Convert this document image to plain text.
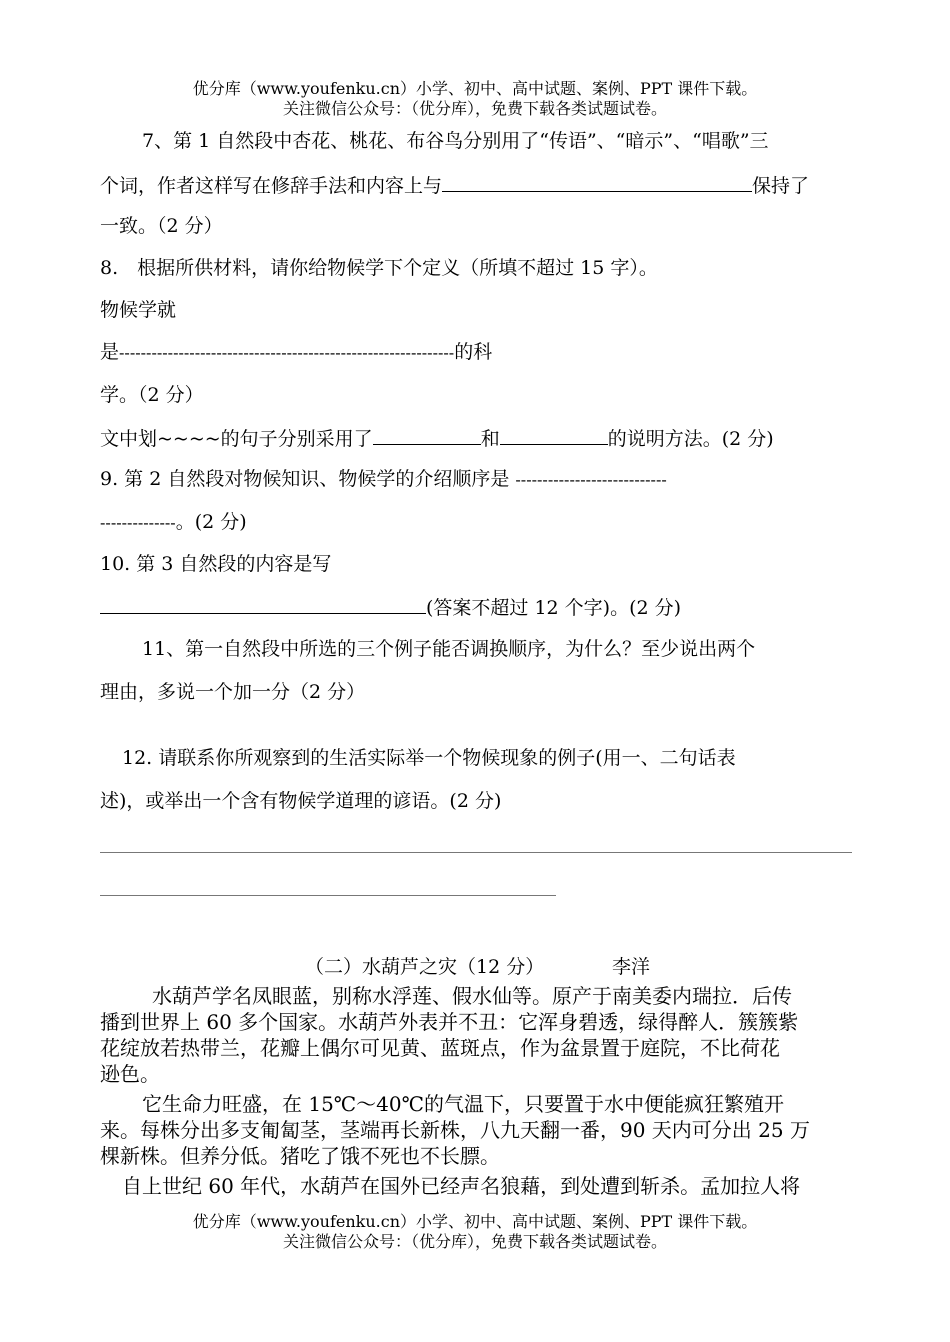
优分库（www.youfenku.cn）小学、初中、高中试题、案例、PPT 课件下载。
关注微信公众号：（优分库），免费下载各类试题试卷。
7、第 1 自然段中杏花、桃花、布谷鸟分别用了“传语”、“暗示”、“唱歌”三
个词，作者这样写在修辞手法和内容上与	保持了
一致。（2 分）
8.　根据所供材料，请你给物候学下个定义（所填不超过 15 字）。
物候学就
是--------------------------------------------------------------的科
学。（2 分）
文中划~~~~的句子分别采用了	和	的说明方法。(2 分)
9. 第 2 自然段对物候知识、物候学的介绍顺序是 ----------------------------
--------------。(2 分)
10. 第 3 自然段的内容是写
(答案不超过 12 个字)。(2 分)
11、第一自然段中所选的三个例子能否调换顺序，为什么？至少说出两个
理由，多说一个加一分（2 分）
12. 请联系你所观察到的生活实际举一个物候现象的例子(用一、二句话表
述)，或举出一个含有物候学道理的谚语。(2 分)
（二）水葫芦之灾（12 分）	李洋
水葫芦学名凤眼蓝，别称水浮莲、假水仙等。原产于南美委内瑞拉．后传
播到世界上 60 多个国家。水葫芦外表并不丑：它浑身碧透，绿得醉人．簇簇紫
花绽放若热带兰，花瓣上偶尔可见黄、蓝斑点，作为盆景置于庭院，不比荷花
逊色。
它生命力旺盛，在 15℃～40℃的气温下，只要置于水中便能疯狂繁殖开
来。每株分出多支匍匐茎，茎端再长新株，八九天翻一番，90 天内可分出 25 万
棵新株。但养分低。猪吃了饿不死也不长膘。
自上世纪 60 年代，水葫芦在国外已经声名狼藉，到处遭到斩杀。孟加拉人将
优分库（www.youfenku.cn）小学、初中、高中试题、案例、PPT 课件下载。
关注微信公众号：（优分库），免费下载各类试题试卷。
